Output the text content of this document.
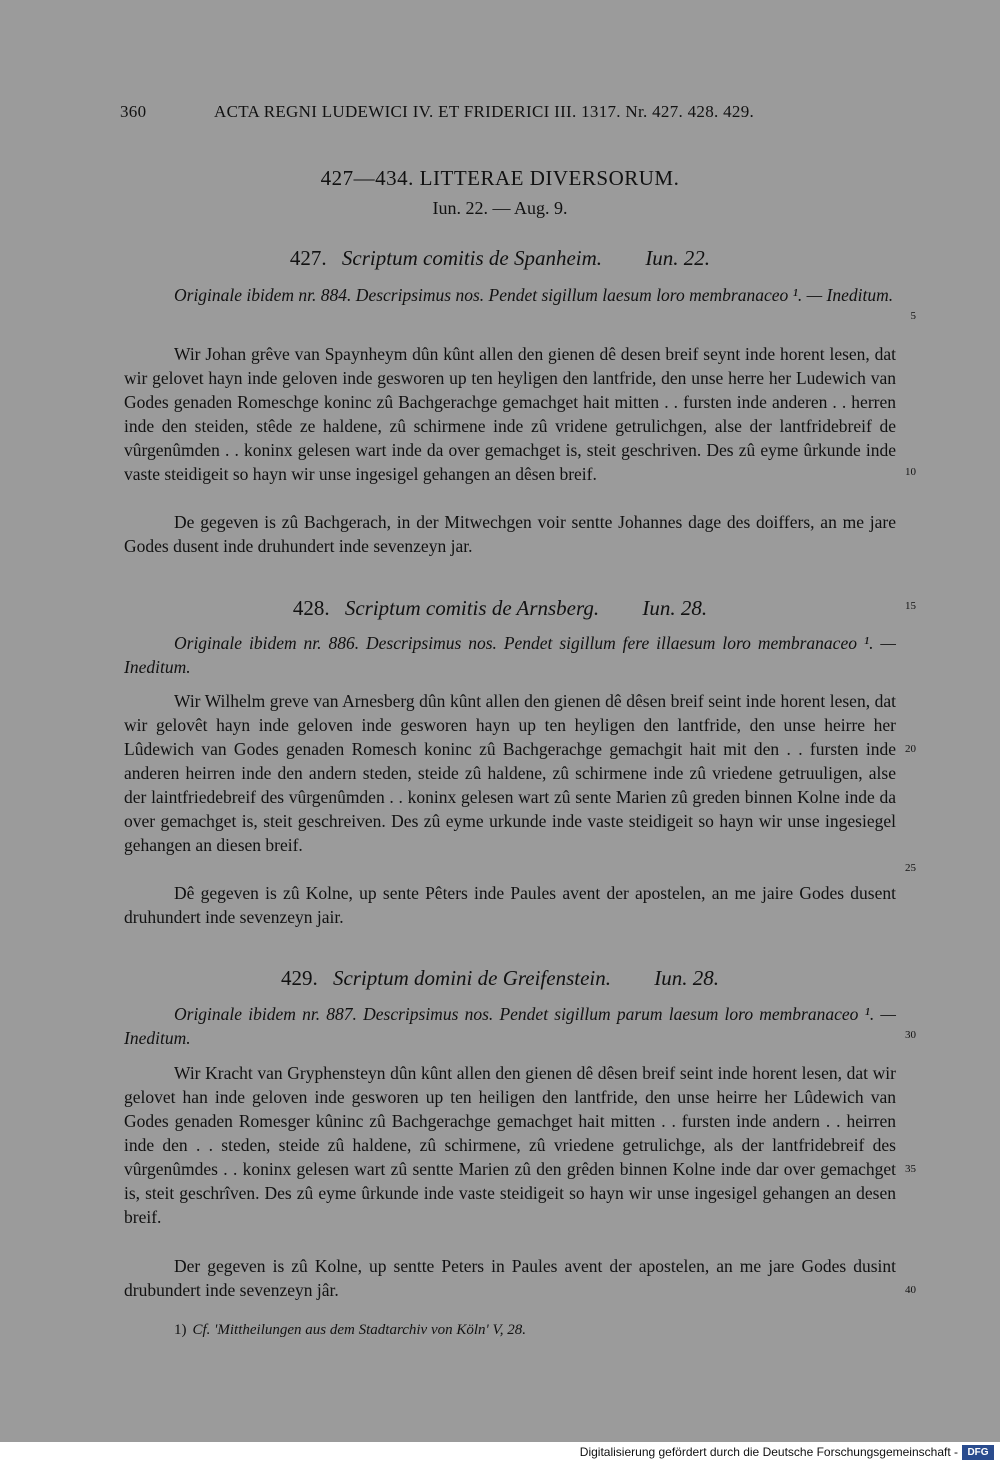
360	ACTA REGNI LUDEWICI IV. ET FRIDERICI III. 1317. Nr. 427. 428. 429.
427—434. LITTERAE DIVERSORUM.
Iun. 22. — Aug. 9.
427. Scriptum comitis de Spanheim. Iun. 22.
Originale ibidem nr. 884. Descripsimus nos. Pendet sigillum laesum loro membranaceo ¹. — Ineditum.
Wir Johan grêve van Spaynheym dûn kûnt allen den gienen dê desen breif seynt inde horent lesen, dat wir gelovet hayn inde geloven inde gesworen up ten heyligen den lantfride, den unse herre her Ludewich van Godes genaden Romeschge koninc zû Bachgerachge gemachget hait mitten . . fursten inde anderen . . herren inde den steiden, stêde ze haldene, zû schirmene inde zû vridene getrulichgen, alse der lantfridebreif de vûrgenûmden . . koninx gelesen wart inde da over gemachget is, steit geschriven. Des zû eyme ûrkunde inde vaste steidigeit so hayn wir unse ingesigel gehangen an dêsen breif.
De gegeven is zû Bachgerach, in der Mitwechgen voir sentte Johannes dage des doiffers, an me jare Godes dusent inde druhundert inde sevenzeyn jar.
428. Scriptum comitis de Arnsberg. Iun. 28.
Originale ibidem nr. 886. Descripsimus nos. Pendet sigillum fere illaesum loro membranaceo ¹. — Ineditum.
Wir Wilhelm greve van Arnesberg dûn kûnt allen den gienen dê dêsen breif seint inde horent lesen, dat wir gelovêt hayn inde geloven inde gesworen hayn up ten heyligen den lantfride, den unse heirre her Lûdewich van Godes genaden Romesch koninc zû Bachgerachge gemachgit hait mit den . . fursten inde anderen heirren inde den andern steden, steide zû haldene, zû schirmene inde zû vriedene getruuligen, alse der laintfriedebreif des vûrgenûmden . . koninx gelesen wart zû sente Marien zû greden binnen Kolne inde da over gemachget is, steit geschreiven. Des zû eyme urkunde inde vaste steidigeit so hayn wir unse ingesiegel gehangen an diesen breif.
Dê gegeven is zû Kolne, up sente Pêters inde Paules avent der apostelen, an me jaire Godes dusent druhundert inde sevenzeyn jair.
429. Scriptum domini de Greifenstein. Iun. 28.
Originale ibidem nr. 887. Descripsimus nos. Pendet sigillum parum laesum loro membranaceo ¹. — Ineditum.
Wir Kracht van Gryphensteyn dûn kûnt allen den gienen dê dêsen breif seint inde horent lesen, dat wir gelovet han inde geloven inde gesworen up ten heiligen den lantfride, den unse heirre her Lûdewich van Godes genaden Romesger kûninc zû Bachgerachge gemachget hait mitten . . fursten inde andern . . heirren inde den . . steden, steide zû haldene, zû schirmene, zû vriedene getrulichge, als der lantfridebreif des vûrgenûmdes . . koninx gelesen wart zû sentte Marien zû den grêden binnen Kolne inde dar over gemachget is, steit geschrîven. Des zû eyme ûrkunde inde vaste steidigeit so hayn wir unse ingesigel gehangen an desen breif.
Der gegeven is zû Kolne, up sentte Peters in Paules avent der apostelen, an me jare Godes dusint drubundert inde sevenzeyn jâr.
5
10
15
20
25
30
35
40
1) Cf. 'Mittheilungen aus dem Stadtarchiv von Köln' V, 28.
Digitalisierung gefördert durch die Deutsche Forschungsgemeinschaft - DFG
